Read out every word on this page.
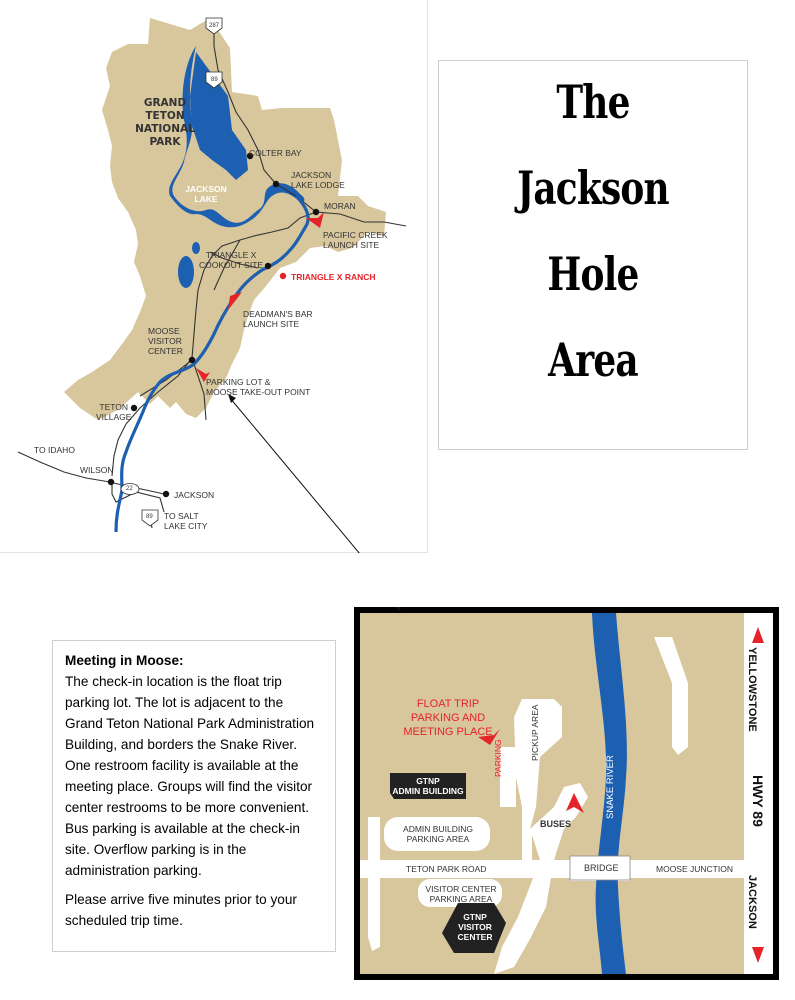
287
89
22
89
GRAND
TETON
NATIONAL
PARK
JACKSON
LAKE
COLTER BAY
JACKSON
LAKE LODGE
MORAN
PACIFIC CREEK
LAUNCH SITE
TRIANGLE X
COOKOUT SITE
TRIANGLE X RANCH
DEADMAN'S BAR
LAUNCH SITE
MOOSE
VISITOR
CENTER
PARKING LOT &
MOOSE TAKE-OUT POINT
TETON
VILLAGE
TO IDAHO
WILSON
JACKSON
TO SALT
LAKE CITY
The
Jackson
Hole
Area
Meeting in Moose:

The check-in location is the float trip parking lot. The lot is adjacent to the Grand Teton National Park Administration Building, and borders the Snake River. One restroom facility is available at the meeting place. Groups will find the visitor center restrooms to be more convenient. Bus parking is available at the check-in site. Overflow parking is in the administration parking.

Please arrive five minutes prior to your scheduled trip time.

FLOAT TRIP
PARKING AND
MEETING PLACE
PARKING	PICKUP AREA
GTNP
ADMIN BUILDING
ADMIN BUILDING
PARKING AREA
BUSES
SNAKE RIVER
TETON PARK ROAD	BRIDGE	MOOSE JUNCTION
VISITOR CENTER
PARKING AREA
GTNP
VISITOR
CENTER
YELLOWSTONE
HWY 89
JACKSON
